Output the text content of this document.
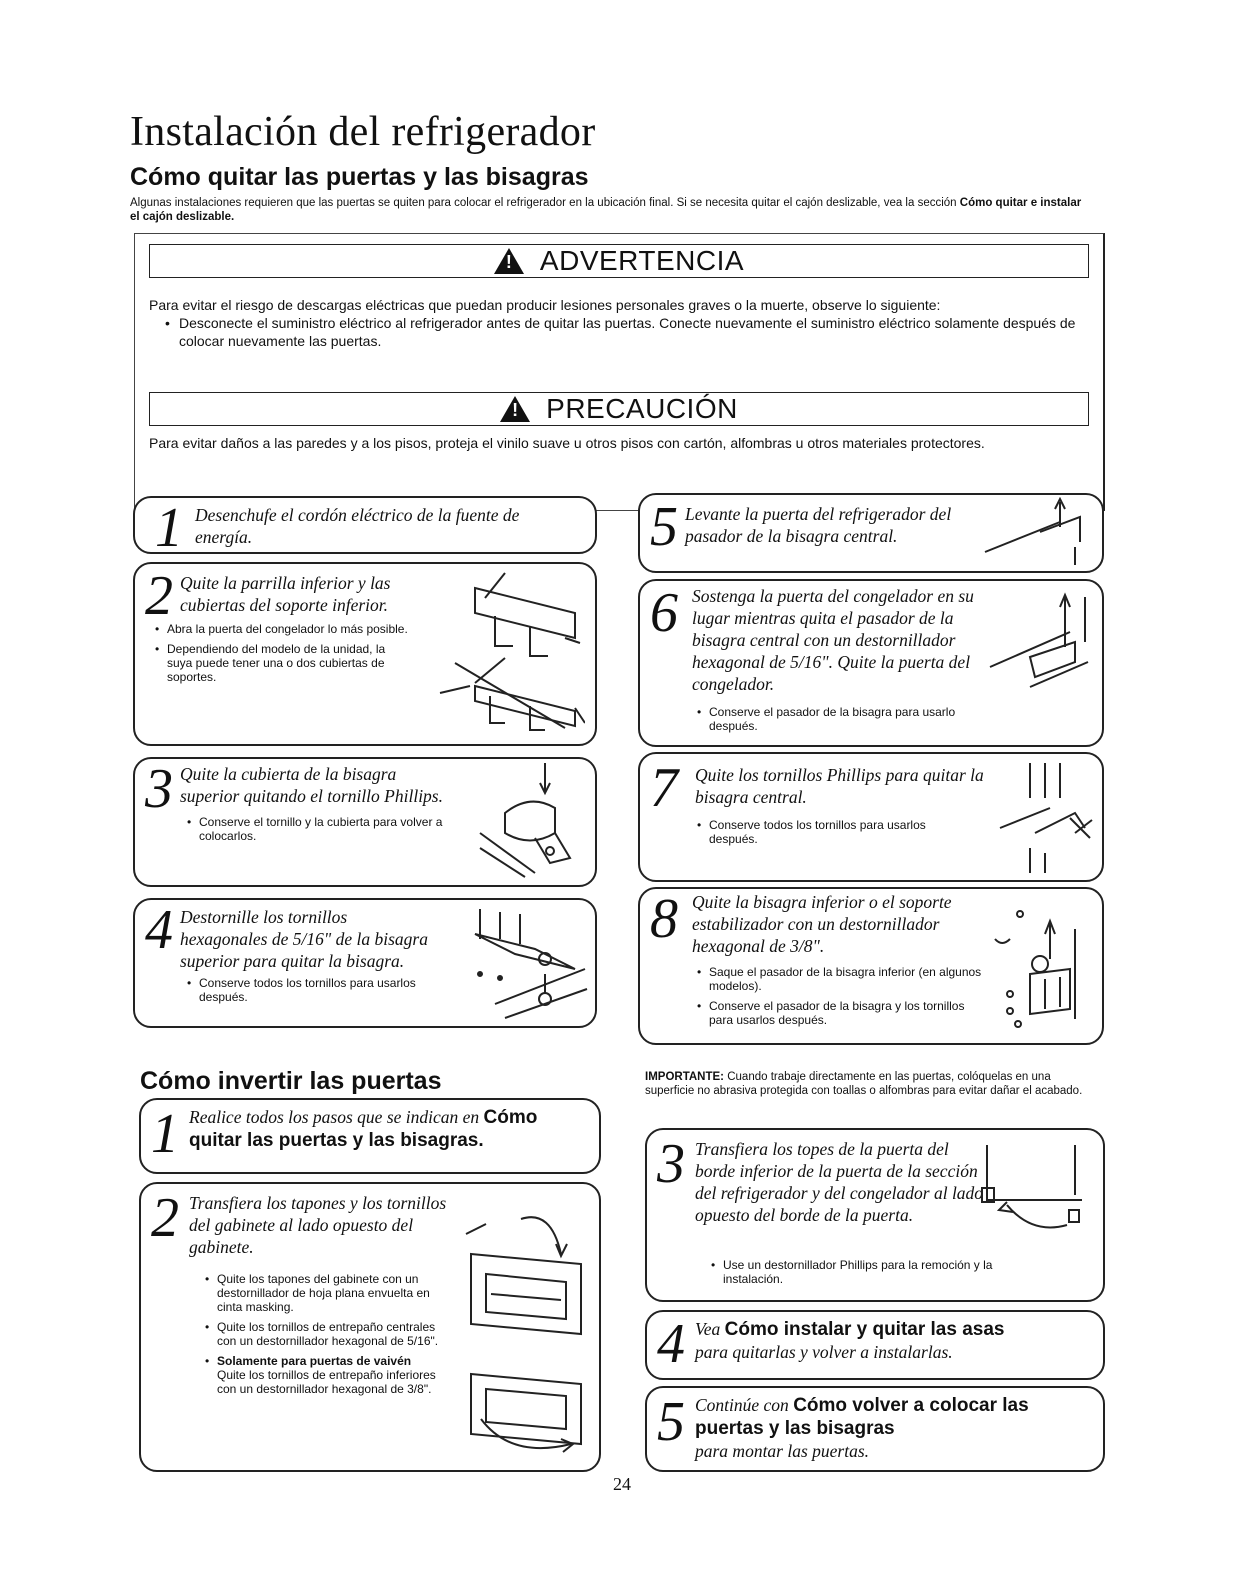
Instalación del refrigerador
Cómo quitar las puertas y las bisagras
Algunas instalaciones requieren que las puertas se quiten para colocar el refrigerador en la ubicación final. Si se necesita quitar el cajón deslizable, vea la sección Cómo quitar e instalar el cajón deslizable.
!
ADVERTENCIA
Para evitar el riesgo de descargas eléctricas que puedan producir lesiones personales graves o la muerte, observe lo siguiente:
• Desconecte el suministro eléctrico al refrigerador antes de quitar las puertas. Conecte nuevamente el suministro eléctrico solamente después de colocar nuevamente las puertas.
!
PRECAUCIÓN
Para evitar daños a las paredes y a los pisos, proteja el vinilo suave u otros pisos con cartón, alfombras u otros materiales protectores.
1 Desenchufe el cordón eléctrico de la fuente de energía.
2 Quite la parrilla inferior y las cubiertas del soporte inferior.
• Abra la puerta del congelador lo más posible.
• Dependiendo del modelo de la unidad, la suya puede tener una o dos cubiertas de soportes.
3 Quite la cubierta de la bisagra superior quitando el tornillo Phillips.
• Conserve el tornillo y la cubierta para volver a colocarlos.
4 Destornille los tornillos hexagonales de 5/16" de la bisagra superior para quitar la bisagra.
• Conserve todos los tornillos para usarlos después.
5 Levante la puerta del refrigerador del pasador de la bisagra central.
6 Sostenga la puerta del congelador en su lugar mientras quita el pasador de la bisagra central con un destornillador hexagonal de 5/16". Quite la puerta del congelador.
• Conserve el pasador de la bisagra para usarlo después.
7 Quite los tornillos Phillips para quitar la bisagra central.
• Conserve todos los tornillos para usarlos después.
8 Quite la bisagra inferior o el soporte estabilizador con un destornillador hexagonal de 3/8".
• Saque el pasador de la bisagra inferior (en algunos modelos).
• Conserve el pasador de la bisagra y los tornillos para usarlos después.
Cómo invertir las puertas	IMPORTANTE: Cuando trabaje directamente en las puertas, colóquelas en una superficie no abrasiva protegida con toallas o alfombras para evitar dañar el acabado.
1 Realice todos los pasos que se indican en Cómo quitar las puertas y las bisagras.
2 Transfiera los tapones y los tornillos del gabinete al lado opuesto del gabinete.
• Quite los tapones del gabinete con un destornillador de hoja plana envuelta en cinta masking.
• Quite los tornillos de entrepaño centrales con un destornillador hexagonal de 5/16".
• Solamente para puertas de vaivén
Quite los tornillos de entrepaño inferiores con un destornillador hexagonal de 3/8".
3 Transfiera los topes de la puerta del borde inferior de la puerta de la sección del refrigerador y del congelador al lado opuesto del borde de la puerta.
• Use un destornillador Phillips para la remoción y la instalación.
4 Vea Cómo instalar y quitar las asas
para quitarlas y volver a instalarlas.
5 Continúe con Cómo volver a colocar las puertas y las bisagras
para montar las puertas.
24
